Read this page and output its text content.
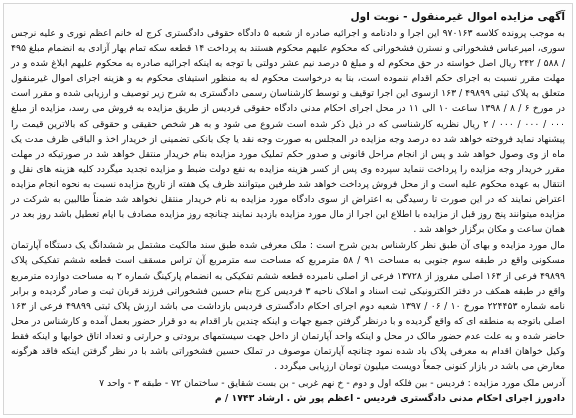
آگهی مزایده اموال غیرمنقول - نوبت اول

به موجب پرونده کلاسه ۹۷۰۱۶۳ این اجرا و دادنامه و اجرائیه صادره از شعبه ۵ دادگاه حقوقی دادگستری کرج له خانم اعظم نوری و علیه نرجس سوری، امیرعباس فشخوراتی و نسترن فشخوراتی که محکوم علیهم محکوم هستند به پرداخت ۱۴ قطعه سکه تمام بهار آزادی به انضمام مبلغ ۴۹۵ / ۵۸۸ / ۲۴۲ ریال اصل خواسته در حق محکوم له و مبلغ ۵ درصد نیم عشر دولتی با توجه به اینکه اجرائیه صادره به محکوم علیهم ابلاغ شده و در مهلت مقرر نسبت به اجرای حکم اقدام ننموده است، بنا به درخواست محکوم له به منظور استیفای محکوم به و هزینه اجرای اموال غیرمنقول متعلق به پلاک ثبتی ۴۹۸۹۹ / ۱۶۳ ازسوی این اجرا توقیف و توسط کارشناسان رسمی دادگستری به شرح زیر توصیف و ارزیابی شده و مقرر است در مورخ ۶ / ۸ / ۱۳۹۸ ساعت ۱۰ الی ۱۱ در محل اجرای احکام مدنی دادگاه حقوقی فردیس از طریق مزایده به فروش می رسد، مزایده از مبلغ ۰۰۰ / ۰۰۰ / ۰۰۰ / ۲ ریال نظریه کارشناسی که در ذیل ذکر شده است شروع می شود و به هر شخص حقیقی و حقوقی که بالاترین قیمت را پیشنهاد نماید فروخته خواهد شد ده درصد وجه مزایده در المجلس به صورت وجه نقد یا چک بانکی تضمینی از خریدار اخذ و الباقی ظرف مدت یک ماه از وی وصول خواهد شد و پس از انجام مراحل قانونی و صدور حکم تملیک مورد مزایده بنام خریدار منتقل خواهد شد در صورتیکه در مهلت مقرر خریدار وجه مزایده را پرداخت ننماید سپرده وی پس از کسر هزینه مزایده به نفع دولت ضبط و مزایده تجدید میگردد کلیه هزینه های نقل و انتقال به عهده محکوم علیه است و از محل فروش پرداخت خواهد شد طرفین میتوانند ظرف یک هفته از تاریخ مزایده نسبت به نحوه انجام مزایده اعتراض نمایند که در این صورت تا رسیدگی به اعتراض از سوی دادگاه مورد مزایده به نام خریدار منتقل نخواهد شد ضمناً طالبین به شرکت در مزایده میتوانند پنج روز قبل از مزایده با اطلاع این اجرا از مال مورد مزایده بازدید نمایند چنانچه روز مزایده مصادف با ایام تعطیل باشد روز بعد در همان ساعت و مکان برگزار خواهد شد .

مال مورد مزایده و بهای آن طبق نظر کارشناس بدین شرح است : ملک معرفی شده طبق سند مالکیت مشتمل بر ششدانگ یک دستگاه آپارتمان مسکونی واقع در طبقه سوم جنوبی به مساحت ۹۱ / ۵۸ مترمربع که مساحت سه مترمربع آن تراس مسقف است قطعه ششم تفکیکی پلاک ۴۹۸۹۹ فرعی از ۱۶۳ اصلی مفروز از ۱۳۷۲۸ فرعی از اصلی نامبرده قطعه ششم تفکیکی به انضمام پارکینگ شماره ۲ به مساحت دوازده مترمربع واقع در طبقه همکف در دفتر الکترونیکی ثبت اسناد و املاک ناحیه ۳ فردیس کرج بنام حسین فشخوراتی فرزند قربان ثبت و صادر گردیده و برابر نامه شماره ۲۲۴۴۵۳ مورخ ۱۰ / ۰۶ / ۱۳۹۷ شعبه دوم اجرای احکام دادگستری فردیس بازداشت می باشد ارزش پلاک ثبتی ۴۹۸۹۹ فرعی از ۱۶۳ اصلی باتوجه به منطقه ای که واقع گردیده و با درنظر گرفتن جمیع جهات و اینکه چندین بار اقدام به دو قرار حضور بعمل آمده و کارشناس در محل حاضر شده و به علت عدم حضور مالک در محل و اینکه واحد آپارتمان از داخل جهت سیستمهای برودتی و حرارتی و تعداد اتاق خوابها و اینکه فقط وکیل خواهان اقدام به معرفی پلاک باد شده نمود چنانچه آپارتمان موصوف در تملک حسین فشخوراتی باشد با در نظر گرفتن اینکه فاقد هرگونه معارض می باشد در بازار کنونی جمعاً دویست میلیون تومان ارزیابی میگردد .

آدرس ملک مورد مزایده : فردیس - بین فلکه اول و دوم - خ نهم غربی - بن بست شقایق - ساختمان ۷۲ - طبقه ۳ - واحد ۷

دادورز اجرای احکام مدنی دادگستری فردیس - اعظم پور ش . ارشاد ۱۷۴۳ / م
